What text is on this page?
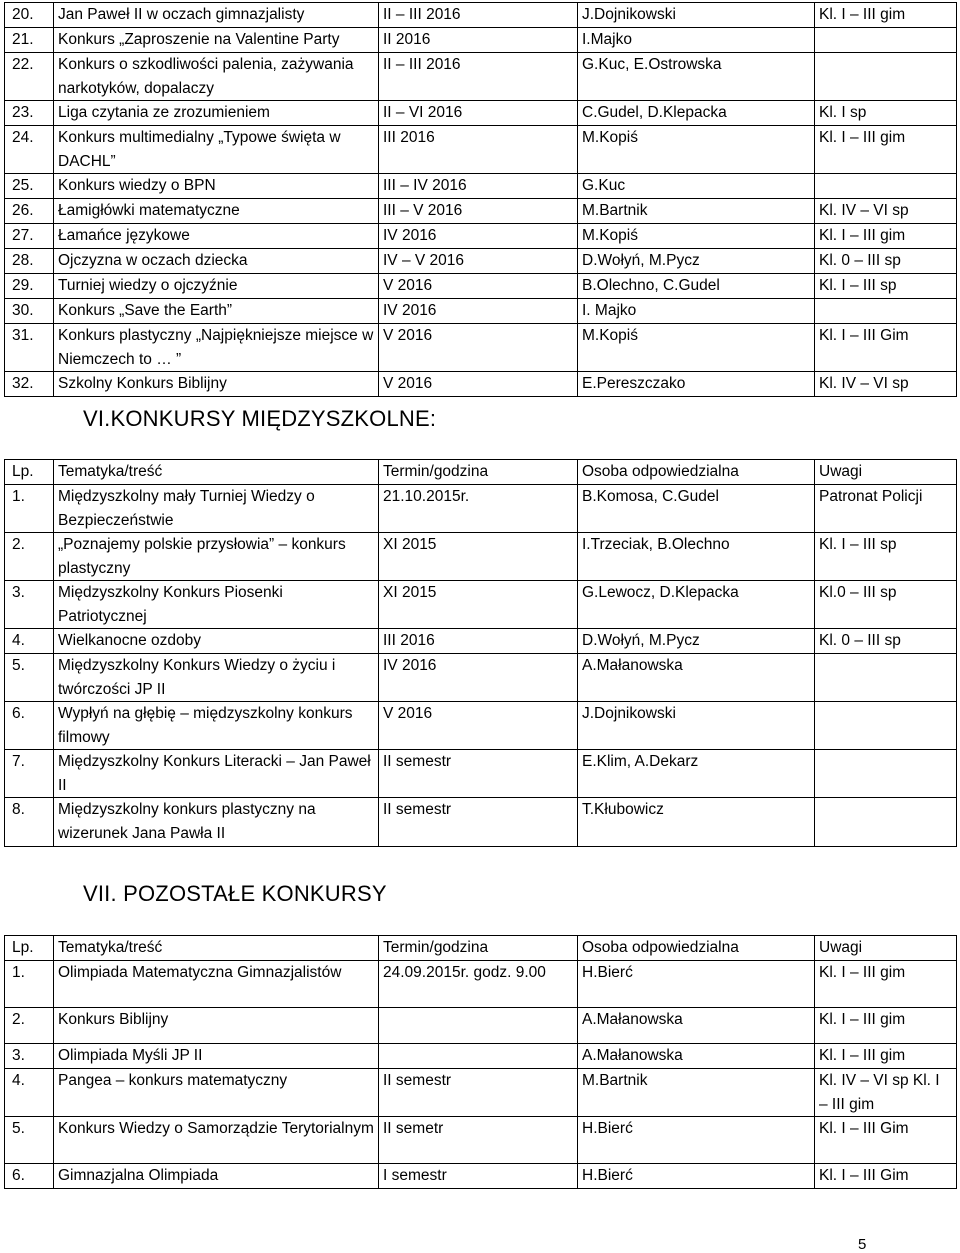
20.	Jan Paweł II w oczach gimnazjalisty	II – III 2016	J.Dojnikowski	Kl. I – III gim
21.	Konkurs „Zaproszenie na Valentine Party	II 2016	I.Majko	
22.	Konkurs o szkodliwości palenia, zażywania narkotyków, dopalaczy	II – III 2016	G.Kuc, E.Ostrowska	
23.	Liga czytania ze zrozumieniem	II – VI 2016	C.Gudel, D.Klepacka	Kl. I sp
24.	Konkurs multimedialny „Typowe święta w DACHL”	III 2016	M.Kopiś	Kl. I – III gim
25.	Konkurs wiedzy o BPN	III – IV 2016	G.Kuc	
26.	Łamigłówki matematyczne	III – V 2016	M.Bartnik	Kl. IV – VI sp
27.	Łamańce językowe	IV 2016	M.Kopiś	Kl. I – III gim
28.	Ojczyzna w oczach dziecka	IV – V 2016	D.Wołyń, M.Pycz	Kl. 0 – III sp
29.	Turniej wiedzy o ojczyźnie	V 2016	B.Olechno, C.Gudel	Kl. I – III sp
30.	Konkurs „Save the Earth”	IV 2016	I. Majko	
31.	Konkurs plastyczny „Najpiękniejsze miejsce w Niemczech to … ”	V 2016	M.Kopiś	Kl. I – III Gim
32.	Szkolny Konkurs Biblijny	V 2016	E.Pereszczako	Kl. IV – VI sp
VI.KONKURSY MIĘDZYSZKOLNE:
Lp.	Tematyka/treść	Termin/godzina	Osoba odpowiedzialna	Uwagi
1.	Międzyszkolny mały Turniej Wiedzy o Bezpieczeństwie	21.10.2015r.	B.Komosa, C.Gudel	Patronat Policji
2.	„Poznajemy polskie przysłowia” – konkurs plastyczny	XI 2015	I.Trzeciak, B.Olechno	Kl. I – III sp
3.	Międzyszkolny Konkurs Piosenki Patriotycznej	XI 2015	G.Lewocz, D.Klepacka	Kl.0 – III sp
4.	Wielkanocne ozdoby	III 2016	D.Wołyń, M.Pycz	Kl. 0 – III sp
5.	Międzyszkolny Konkurs Wiedzy o życiu i twórczości JP II	IV 2016	A.Małanowska	
6.	Wypłyń na głębię – międzyszkolny konkurs filmowy	V 2016	J.Dojnikowski	
7.	Międzyszkolny Konkurs Literacki – Jan Paweł II	II semestr	E.Klim, A.Dekarz	
8.	Międzyszkolny konkurs plastyczny na wizerunek Jana Pawła II	II semestr	T.Kłubowicz	
VII. POZOSTAŁE KONKURSY
Lp.	Tematyka/treść	Termin/godzina	Osoba odpowiedzialna	Uwagi
1.	Olimpiada Matematyczna Gimnazjalistów	24.09.2015r. godz. 9.00	H.Bierć	Kl. I – III gim
2.	Konkurs Biblijny		A.Małanowska	Kl. I – III gim
3.	Olimpiada Myśli JP II		A.Małanowska	Kl. I – III gim
4.	Pangea – konkurs matematyczny	II semestr	M.Bartnik	Kl. IV – VI sp Kl. I – III gim
5.	Konkurs Wiedzy o Samorządzie Terytorialnym	II semetr	H.Bierć	Kl. I – III Gim
6.	Gimnazjalna Olimpiada	I semestr	H.Bierć	Kl. I – III Gim
5
